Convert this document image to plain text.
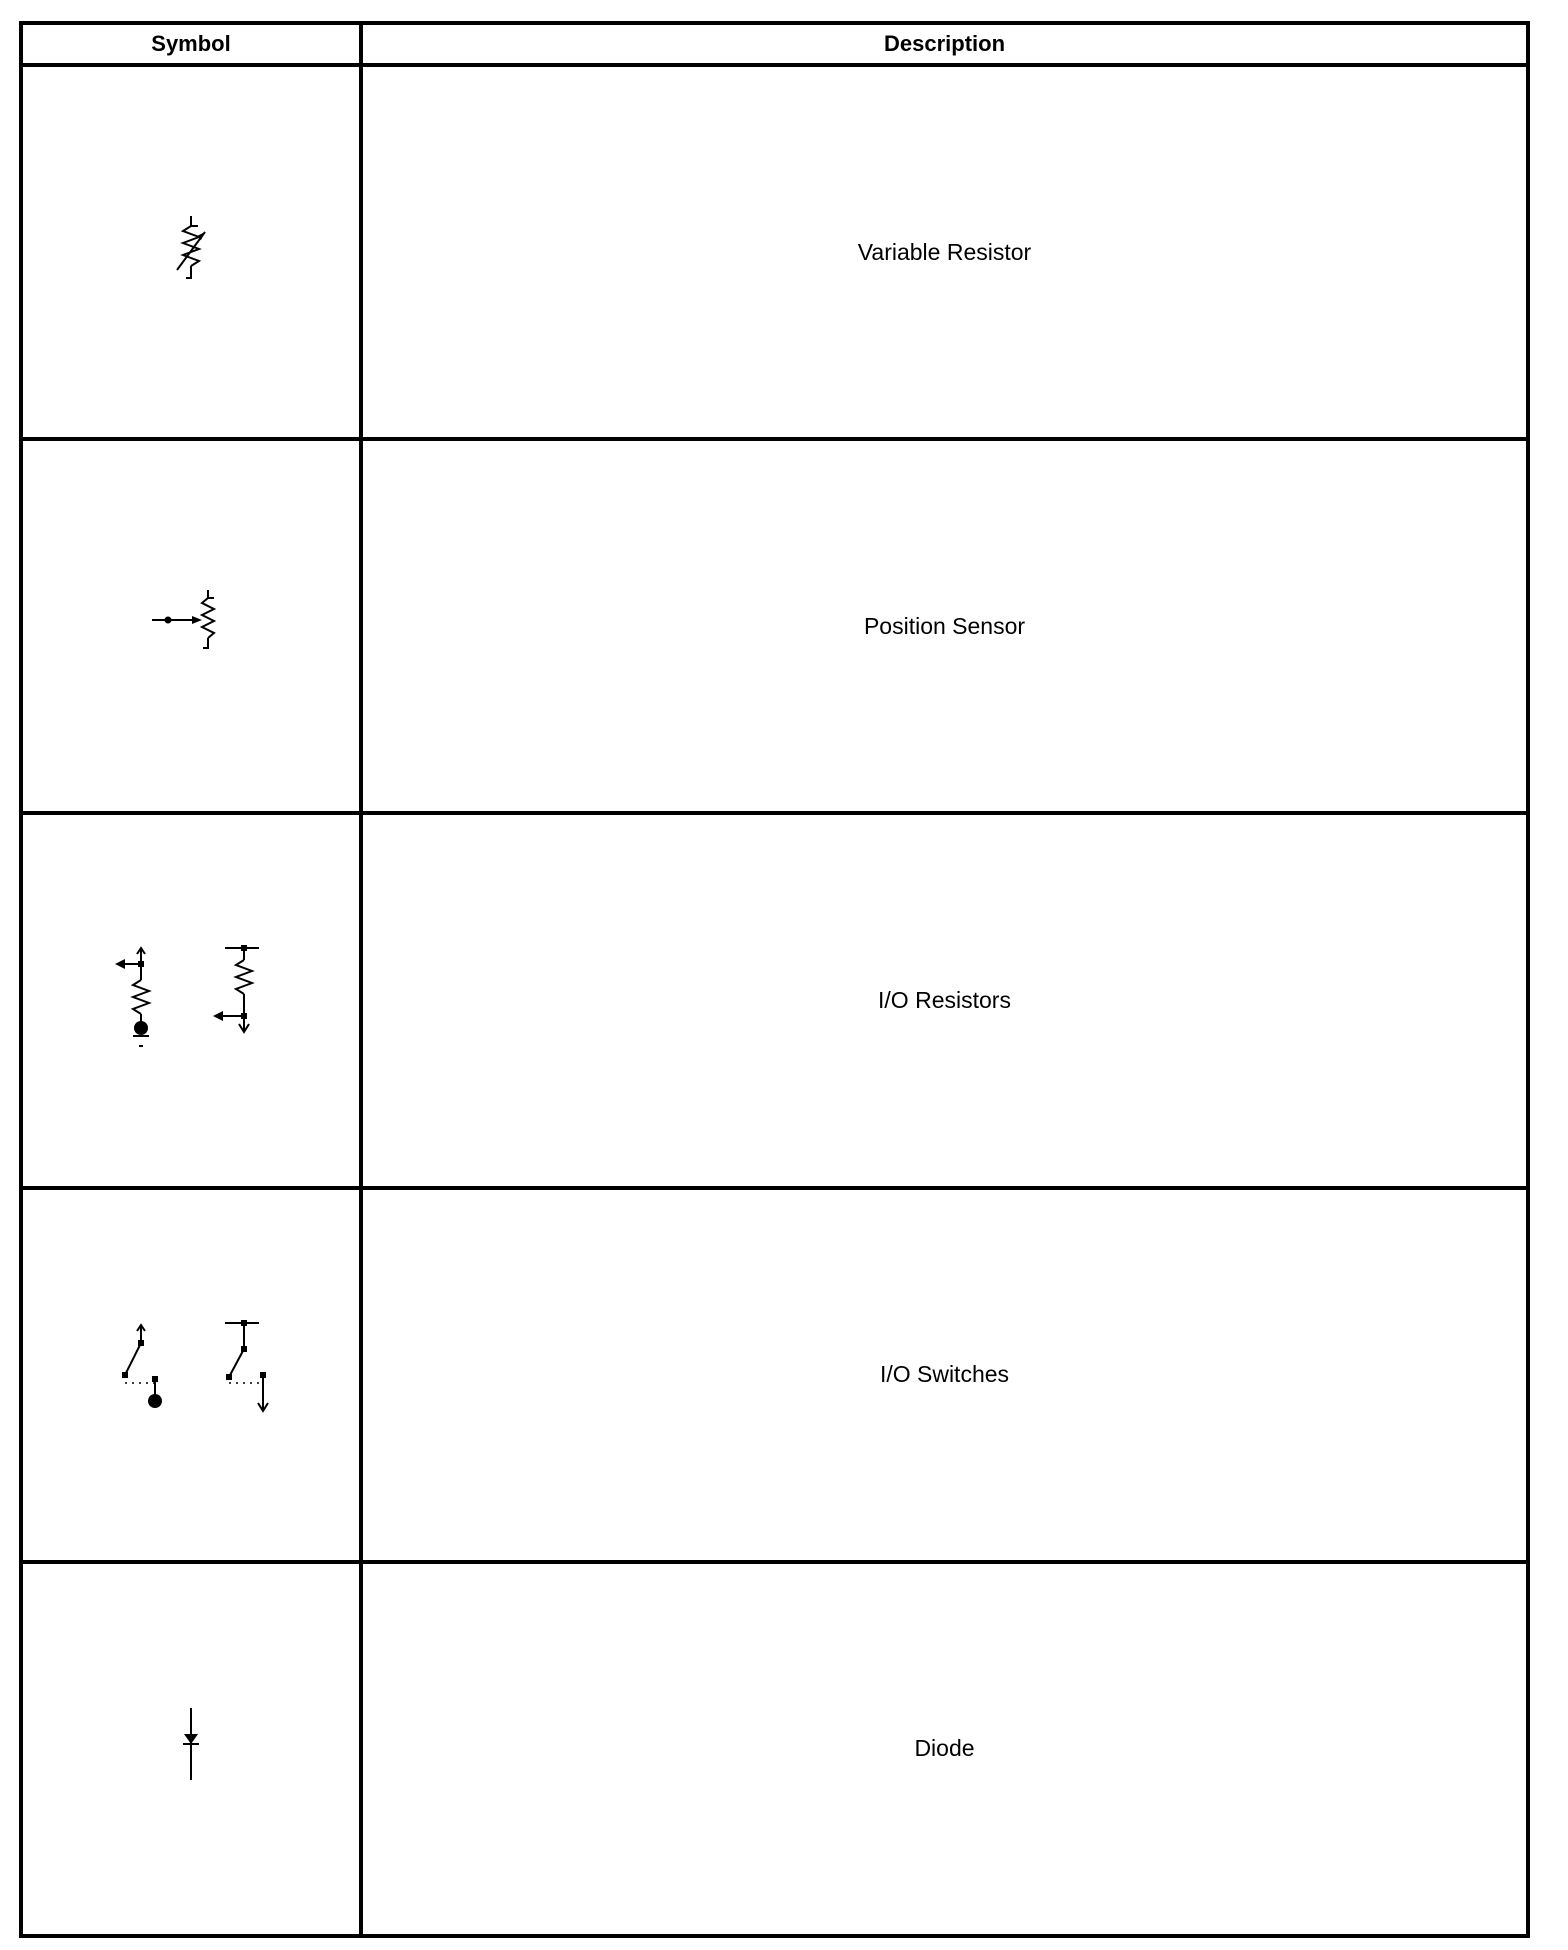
Symbol	Description

	Variable Resistor

	Position Sensor

	I/O Resistors

	I/O Switches

	Diode
